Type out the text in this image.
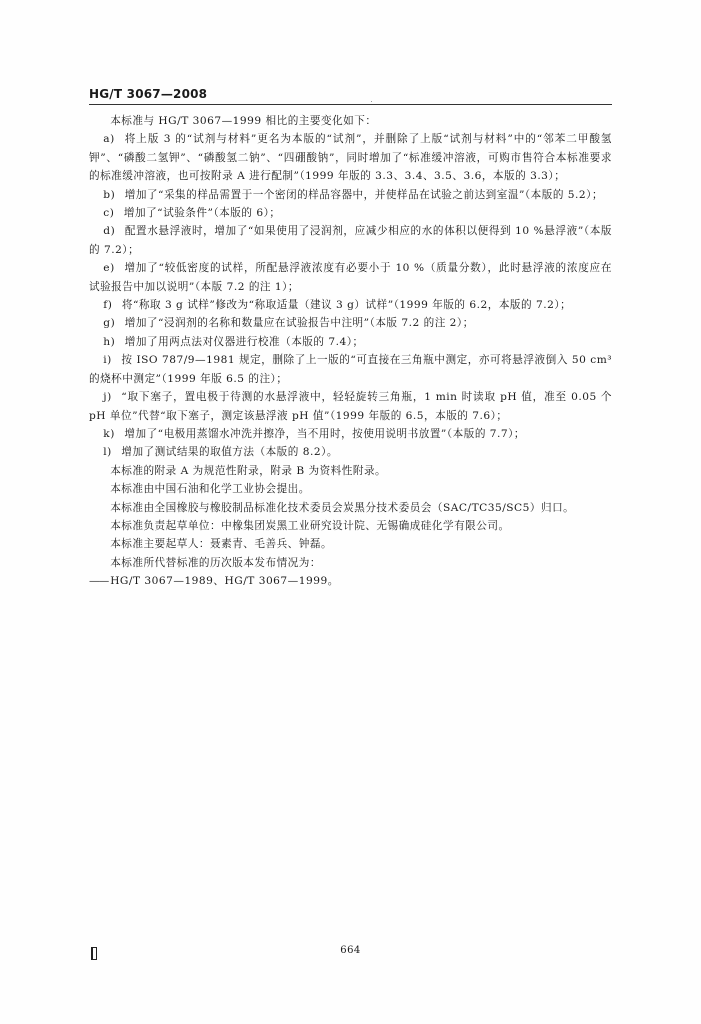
HG/T 3067—2008

本标准与 HG/T 3067—1999 相比的主要变化如下：

a) 将上版 3 的“试剂与材料”更名为本版的“试剂”，并删除了上版“试剂与材料”中的“邻苯二甲酸氢钾”、“磷酸二氢钾”、“磷酸氢二钠”、“四硼酸钠”，同时增加了“标准缓冲溶液，可购市售符合本标准要求的标准缓冲溶液，也可按附录 A 进行配制”（1999 年版的 3.3、3.4、3.5、3.6，本版的 3.3）；

b) 增加了“采集的样品需置于一个密闭的样品容器中，并使样品在试验之前达到室温”（本版的 5.2）；

c) 增加了“试验条件”（本版的 6）；

d) 配置水悬浮液时，增加了“如果使用了浸润剂，应减少相应的水的体积以便得到 10 %悬浮液”（本版的 7.2）；

e) 增加了“较低密度的试样，所配悬浮液浓度有必要小于 10 %（质量分数），此时悬浮液的浓度应在试验报告中加以说明”（本版 7.2 的注 1）；

f) 将“称取 3 g 试样”修改为“称取适量（建议 3 g）试样”（1999 年版的 6.2，本版的 7.2）；

g) 增加了“浸润剂的名称和数量应在试验报告中注明”（本版 7.2 的注 2）；

h) 增加了用两点法对仪器进行校准（本版的 7.4）；

i) 按 ISO 787/9—1981 规定，删除了上一版的“可直接在三角瓶中测定，亦可将悬浮液倒入 50 cm³ 的烧杯中测定”（1999 年版 6.5 的注）；

j) “取下塞子，置电极于待测的水悬浮液中，轻轻旋转三角瓶，1 min 时读取 pH 值，准至 0.05 个 pH 单位”代替“取下塞子，测定该悬浮液 pH 值”（1999 年版的 6.5，本版的 7.6）；

k) 增加了“电极用蒸馏水冲洗并擦净，当不用时，按使用说明书放置”（本版的 7.7）；

l) 增加了测试结果的取值方法（本版的 8.2）。

本标准的附录 A 为规范性附录，附录 B 为资料性附录。

本标准由中国石油和化学工业协会提出。

本标准由全国橡胶与橡胶制品标准化技术委员会炭黑分技术委员会（SAC/TC35/SC5）归口。

本标准负责起草单位：中橡集团炭黑工业研究设计院、无锡确成硅化学有限公司。

本标准主要起草人：聂素青、毛善兵、钟磊。

本标准所代替标准的历次版本发布情况为：

—— HG/T 3067—1989、HG/T 3067—1999。

664
